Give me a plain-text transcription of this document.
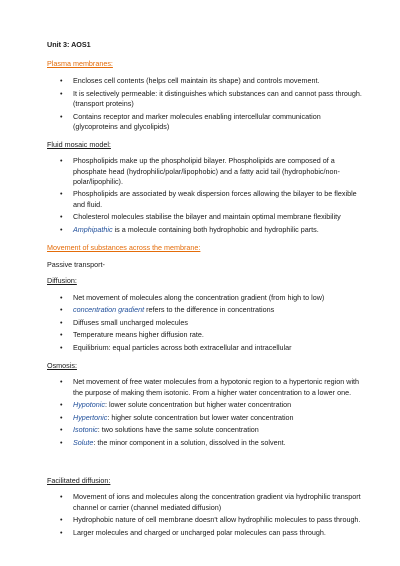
Unit 3: AOS1

Plasma membranes:

• Encloses cell contents (helps cell maintain its shape) and controls movement.
• It is selectively permeable: it distinguishes which substances can and cannot pass through. (transport proteins)
• Contains receptor and marker molecules enabling intercellular communication (glycoproteins and glycolipids)

Fluid mosaic model:

• Phospholipids make up the phospholipid bilayer. Phospholipids are composed of a phosphate head (hydrophilic/polar/lipophobic) and a fatty acid tail (hydrophobic/non-polar/lipophilic).
• Phospholipids are associated by weak dispersion forces allowing the bilayer to be flexible and fluid.
• Cholesterol molecules stabilise the bilayer and maintain optimal membrane flexibility
• Amphipathic is a molecule containing both hydrophobic and hydrophilic parts.

Movement of substances across the membrane:

Passive transport-

Diffusion:

• Net movement of molecules along the concentration gradient (from high to low)
• concentration gradient refers to the difference in concentrations
• Diffuses small uncharged molecules
• Temperature means higher diffusion rate.
• Equilibrium: equal particles across both extracellular and intracellular

Osmosis:

• Net movement of free water molecules from a hypotonic region to a hypertonic region with the purpose of making them isotonic. From a higher water concentration to a lower one.
• Hypotonic: lower solute concentration but higher water concentration
• Hypertonic: higher solute concentration but lower water concentration
• Isotonic: two solutions have the same solute concentration
• Solute: the minor component in a solution, dissolved in the solvent.

Facilitated diffusion:

• Movement of ions and molecules along the concentration gradient via hydrophilic transport channel or carrier (channel mediated diffusion)
• Hydrophobic nature of cell membrane doesn't allow hydrophilic molecules to pass through.
• Larger molecules and charged or uncharged polar molecules can pass through.
